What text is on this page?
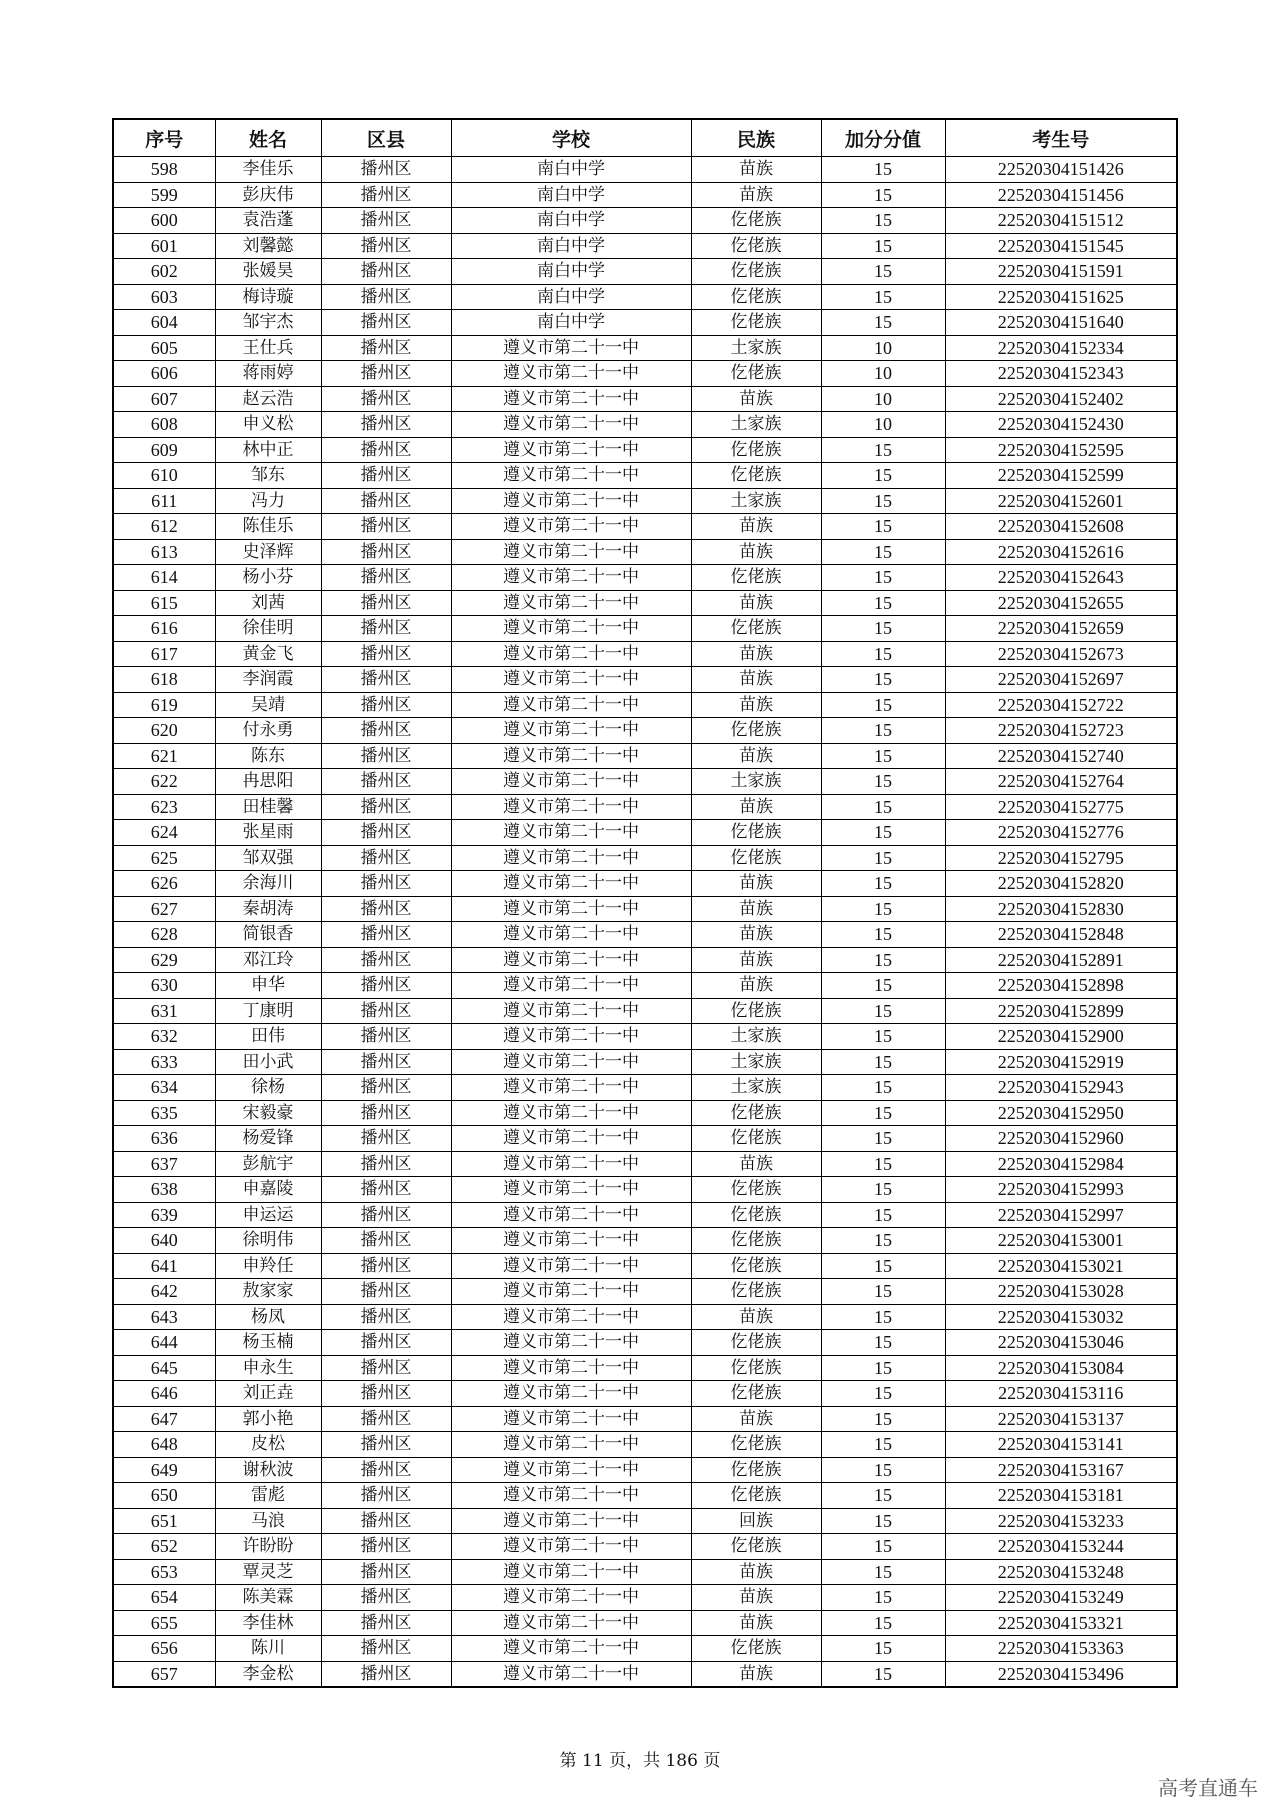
序号	姓名	区县	学校	民族	加分分值	考生号
598	李佳乐	播州区	南白中学	苗族	15	22520304151426
599	彭庆伟	播州区	南白中学	苗族	15	22520304151456
600	袁浩蓬	播州区	南白中学	仡佬族	15	22520304151512
601	刘馨懿	播州区	南白中学	仡佬族	15	22520304151545
602	张媛昊	播州区	南白中学	仡佬族	15	22520304151591
603	梅诗璇	播州区	南白中学	仡佬族	15	22520304151625
604	邹宇杰	播州区	南白中学	仡佬族	15	22520304151640
605	王仕兵	播州区	遵义市第二十一中	土家族	10	22520304152334
606	蒋雨婷	播州区	遵义市第二十一中	仡佬族	10	22520304152343
607	赵云浩	播州区	遵义市第二十一中	苗族	10	22520304152402
608	申义松	播州区	遵义市第二十一中	土家族	10	22520304152430
609	林中正	播州区	遵义市第二十一中	仡佬族	15	22520304152595
610	邹东	播州区	遵义市第二十一中	仡佬族	15	22520304152599
611	冯力	播州区	遵义市第二十一中	土家族	15	22520304152601
612	陈佳乐	播州区	遵义市第二十一中	苗族	15	22520304152608
613	史泽辉	播州区	遵义市第二十一中	苗族	15	22520304152616
614	杨小芬	播州区	遵义市第二十一中	仡佬族	15	22520304152643
615	刘茜	播州区	遵义市第二十一中	苗族	15	22520304152655
616	徐佳明	播州区	遵义市第二十一中	仡佬族	15	22520304152659
617	黄金飞	播州区	遵义市第二十一中	苗族	15	22520304152673
618	李润霞	播州区	遵义市第二十一中	苗族	15	22520304152697
619	吴靖	播州区	遵义市第二十一中	苗族	15	22520304152722
620	付永勇	播州区	遵义市第二十一中	仡佬族	15	22520304152723
621	陈东	播州区	遵义市第二十一中	苗族	15	22520304152740
622	冉思阳	播州区	遵义市第二十一中	土家族	15	22520304152764
623	田桂馨	播州区	遵义市第二十一中	苗族	15	22520304152775
624	张星雨	播州区	遵义市第二十一中	仡佬族	15	22520304152776
625	邹双强	播州区	遵义市第二十一中	仡佬族	15	22520304152795
626	余海川	播州区	遵义市第二十一中	苗族	15	22520304152820
627	秦胡涛	播州区	遵义市第二十一中	苗族	15	22520304152830
628	简银香	播州区	遵义市第二十一中	苗族	15	22520304152848
629	邓江玲	播州区	遵义市第二十一中	苗族	15	22520304152891
630	申华	播州区	遵义市第二十一中	苗族	15	22520304152898
631	丁康明	播州区	遵义市第二十一中	仡佬族	15	22520304152899
632	田伟	播州区	遵义市第二十一中	土家族	15	22520304152900
633	田小武	播州区	遵义市第二十一中	土家族	15	22520304152919
634	徐杨	播州区	遵义市第二十一中	土家族	15	22520304152943
635	宋毅豪	播州区	遵义市第二十一中	仡佬族	15	22520304152950
636	杨爱锋	播州区	遵义市第二十一中	仡佬族	15	22520304152960
637	彭航宇	播州区	遵义市第二十一中	苗族	15	22520304152984
638	申嘉陵	播州区	遵义市第二十一中	仡佬族	15	22520304152993
639	申运运	播州区	遵义市第二十一中	仡佬族	15	22520304152997
640	徐明伟	播州区	遵义市第二十一中	仡佬族	15	22520304153001
641	申羚任	播州区	遵义市第二十一中	仡佬族	15	22520304153021
642	敖家家	播州区	遵义市第二十一中	仡佬族	15	22520304153028
643	杨凤	播州区	遵义市第二十一中	苗族	15	22520304153032
644	杨玉楠	播州区	遵义市第二十一中	仡佬族	15	22520304153046
645	申永生	播州区	遵义市第二十一中	仡佬族	15	22520304153084
646	刘正垚	播州区	遵义市第二十一中	仡佬族	15	22520304153116
647	郭小艳	播州区	遵义市第二十一中	苗族	15	22520304153137
648	皮松	播州区	遵义市第二十一中	仡佬族	15	22520304153141
649	谢秋波	播州区	遵义市第二十一中	仡佬族	15	22520304153167
650	雷彪	播州区	遵义市第二十一中	仡佬族	15	22520304153181
651	马浪	播州区	遵义市第二十一中	回族	15	22520304153233
652	许盼盼	播州区	遵义市第二十一中	仡佬族	15	22520304153244
653	覃灵芝	播州区	遵义市第二十一中	苗族	15	22520304153248
654	陈美霖	播州区	遵义市第二十一中	苗族	15	22520304153249
655	李佳林	播州区	遵义市第二十一中	苗族	15	22520304153321
656	陈川	播州区	遵义市第二十一中	仡佬族	15	22520304153363
657	李金松	播州区	遵义市第二十一中	苗族	15	22520304153496
第 11 页，共 186 页
高考直通车
